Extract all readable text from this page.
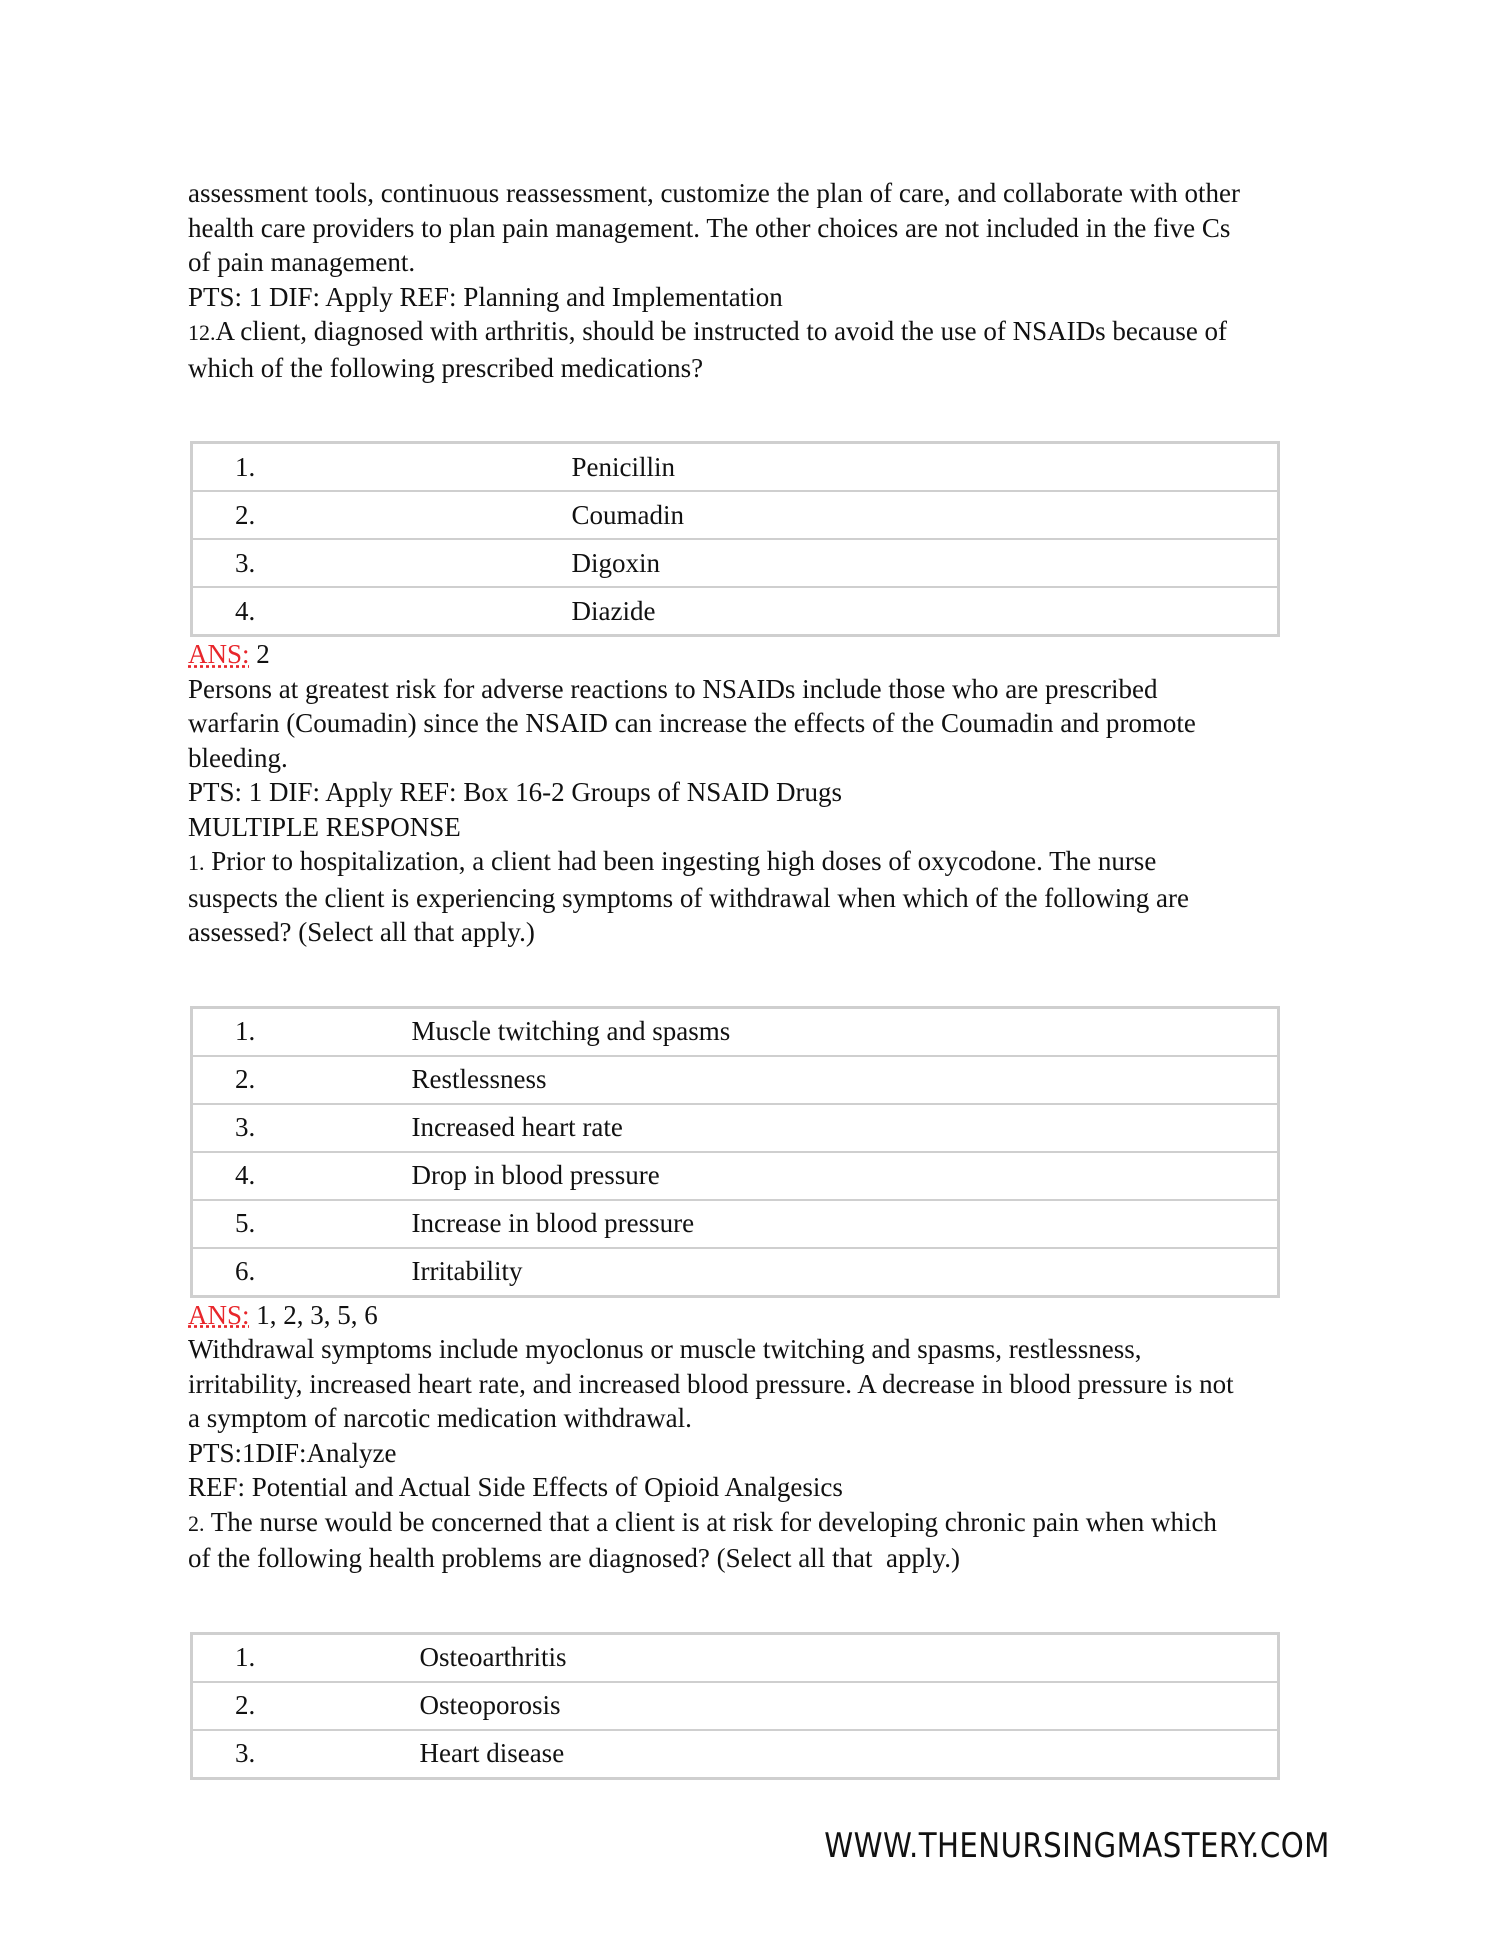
assessment tools, continuous reassessment, customize the plan of care, and collaborate with other

health care providers to plan pain management. The other choices are not included in the five Cs

of pain management.

PTS: 1 DIF: Apply REF: Planning and Implementation

12.A client, diagnosed with arthritis, should be instructed to avoid the use of NSAIDs because of

which of the following prescribed medications?

1.	Penicillin
2.	Coumadin
3.	Digoxin
4.	Diazide

ANS: 2

Persons at greatest risk for adverse reactions to NSAIDs include those who are prescribed

warfarin (Coumadin) since the NSAID can increase the effects of the Coumadin and promote

bleeding.

PTS: 1 DIF: Apply REF: Box 16-2 Groups of NSAID Drugs

MULTIPLE RESPONSE

1. Prior to hospitalization, a client had been ingesting high doses of oxycodone. The nurse

suspects the client is experiencing symptoms of withdrawal when which of the following are

assessed? (Select all that apply.)

1.	Muscle twitching and spasms
2.	Restlessness
3.	Increased heart rate
4.	Drop in blood pressure
5.	Increase in blood pressure
6.	Irritability

ANS: 1, 2, 3, 5, 6

Withdrawal symptoms include myoclonus or muscle twitching and spasms, restlessness,

irritability, increased heart rate, and increased blood pressure. A decrease in blood pressure is not

a symptom of narcotic medication withdrawal.

PTS:1DIF:Analyze

REF: Potential and Actual Side Effects of Opioid Analgesics

2. The nurse would be concerned that a client is at risk for developing chronic pain when which

of the following health problems are diagnosed? (Select all that  apply.)

1.	Osteoarthritis
2.	Osteoporosis
3.	Heart disease
WWW.THENURSINGMASTERY.COM
